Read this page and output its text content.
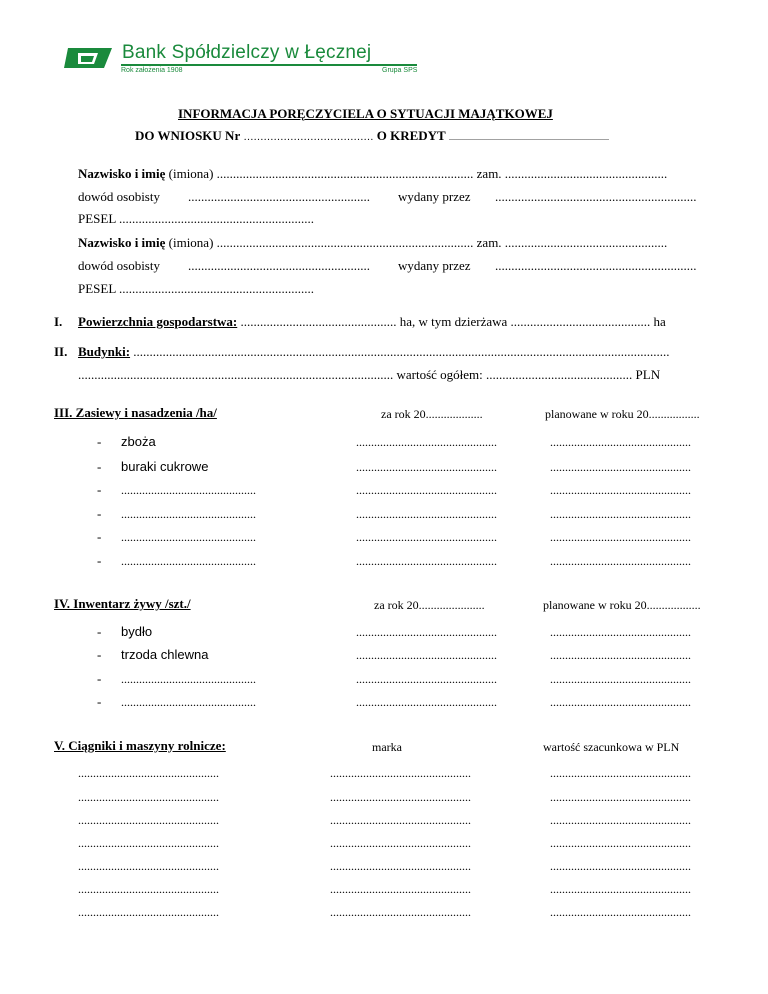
Bank Spółdzielczy w Łęcznej
Rok założenia 1908	Grupa SPS
INFORMACJA PORĘCZYCIELA O SYTUACJI MAJĄTKOWEJ
DO WNIOSKU Nr ………………………………… O KREDYT ................................................................................
Nazwisko i imię (imiona) ............................................................................... zam. ..................................................
dowód osobisty ........................................................ wydany przez ..............................................................
PESEL ............................................................
Nazwisko i imię (imiona) ............................................................................... zam. ..................................................
dowód osobisty ........................................................ wydany przez ..............................................................
PESEL ............................................................
I. Powierzchnia gospodarstwa: ................................................ ha, w tym dzierżawa ........................................... ha
II. Budynki: .....................................................................................................................................................................
................................................................................................. wartość ogółem: ............................................. PLN
III. Zasiewy i nasadzenia /ha/	za rok 20...................	planowane w roku 20.................
- zboża	...............................................	...............................................
- buraki cukrowe	...............................................	...............................................
- .............................................	...............................................	...............................................
- .............................................	...............................................	...............................................
- .............................................	...............................................	...............................................
- .............................................	...............................................	...............................................
IV. Inwentarz żywy /szt./	za rok 20......................	planowane w roku 20..................
- bydło	...............................................	...............................................
- trzoda chlewna	...............................................	...............................................
- .............................................	...............................................	...............................................
- .............................................	...............................................	...............................................
V. Ciągniki i maszyny rolnicze:	marka	wartość szacunkowa w PLN
...............................................	...............................................	...............................................
...............................................	...............................................	...............................................
...............................................	...............................................	...............................................
...............................................	...............................................	...............................................
...............................................	...............................................	...............................................
...............................................	...............................................	...............................................
...............................................	...............................................	...............................................
